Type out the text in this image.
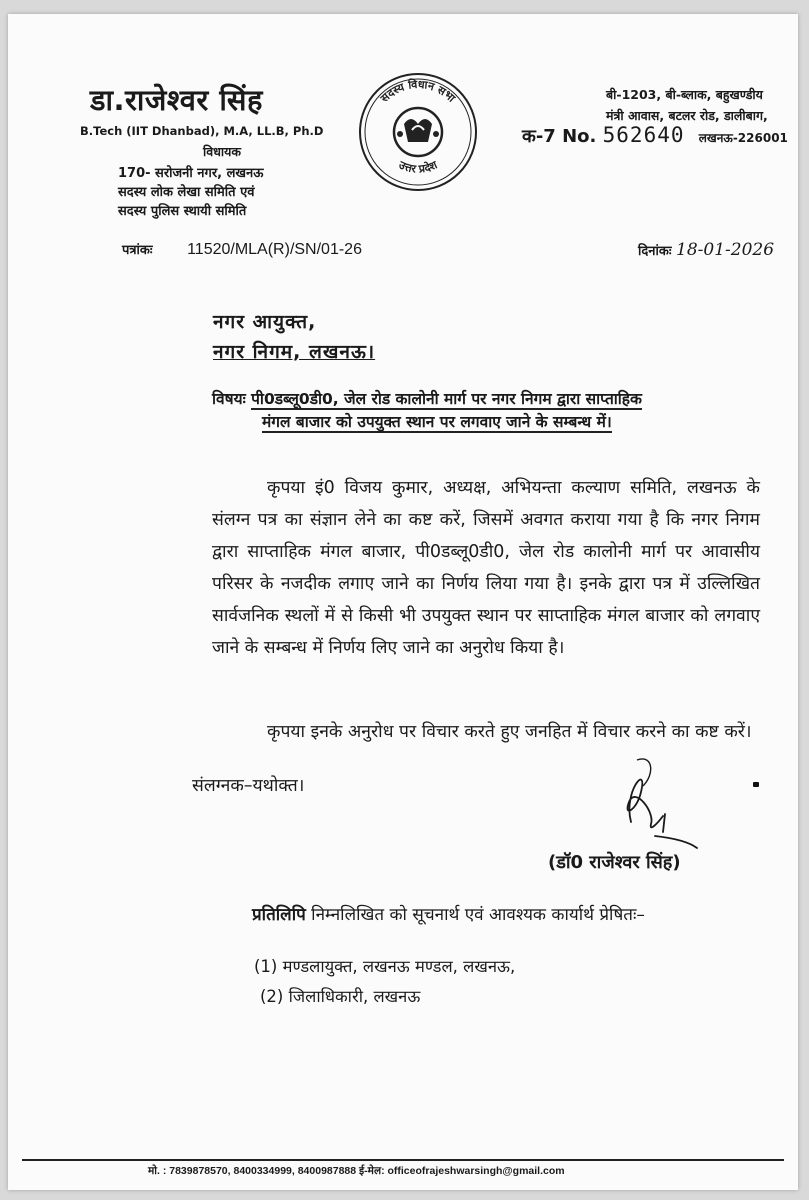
डा.राजेश्वर सिंह
B.Tech (IIT Dhanbad), M.A, LL.B, Ph.D
विधायक
170- सरोजनी नगर, लखनऊ
सदस्य लोक लेखा समिति एवं
सदस्य पुलिस स्थायी समिति
सदस्य विधान सभा
उत्तर प्रदेश
बी-1203, बी-ब्लाक, बहुखण्डीय
मंत्री आवास, बटलर रोड, डालीबाग,
क-7 No. 562640 लखनऊ-226001
पत्रांकः 11520/MLA(R)/SN/01-26	दिनांकः 18-01-2026
नगर आयुक्त,
नगर निगम, लखनऊ।
विषयः पी0डब्लू0डी0, जेल रोड कालोनी मार्ग पर नगर निगम द्वारा साप्ताहिक
मंगल बाजार को उपयुक्त स्थान पर लगवाए जाने के सम्बन्ध में।
कृपया इं0 विजय कुमार, अध्यक्ष, अभियन्ता कल्याण समिति, लखनऊ के संलग्न पत्र का संज्ञान लेने का कष्ट करें, जिसमें अवगत कराया गया है कि नगर निगम द्वारा साप्ताहिक मंगल बाजार, पी0डब्लू0डी0, जेल रोड कालोनी मार्ग पर आवासीय परिसर के नजदीक लगाए जाने का निर्णय लिया गया है। इनके द्वारा पत्र में उल्लिखित सार्वजनिक स्थलों में से किसी भी उपयुक्त स्थान पर साप्ताहिक मंगल बाजार को लगवाए जाने के सम्बन्ध में निर्णय लिए जाने का अनुरोध किया है।
कृपया इनके अनुरोध पर विचार करते हुए जनहित में विचार करने का कष्ट करें।
संलग्नक–यथोक्त।
(डॉ0 राजेश्वर सिंह)
प्रतिलिपि निम्नलिखित को सूचनार्थ एवं आवश्यक कार्यार्थ प्रेषितः–
(1) मण्डलायुक्त, लखनऊ मण्डल, लखनऊ,
(2) जिलाधिकारी, लखनऊ
मो. : 7839878570, 8400334999, 8400987888 ई-मेल: officeofrajeshwarsingh@gmail.com
